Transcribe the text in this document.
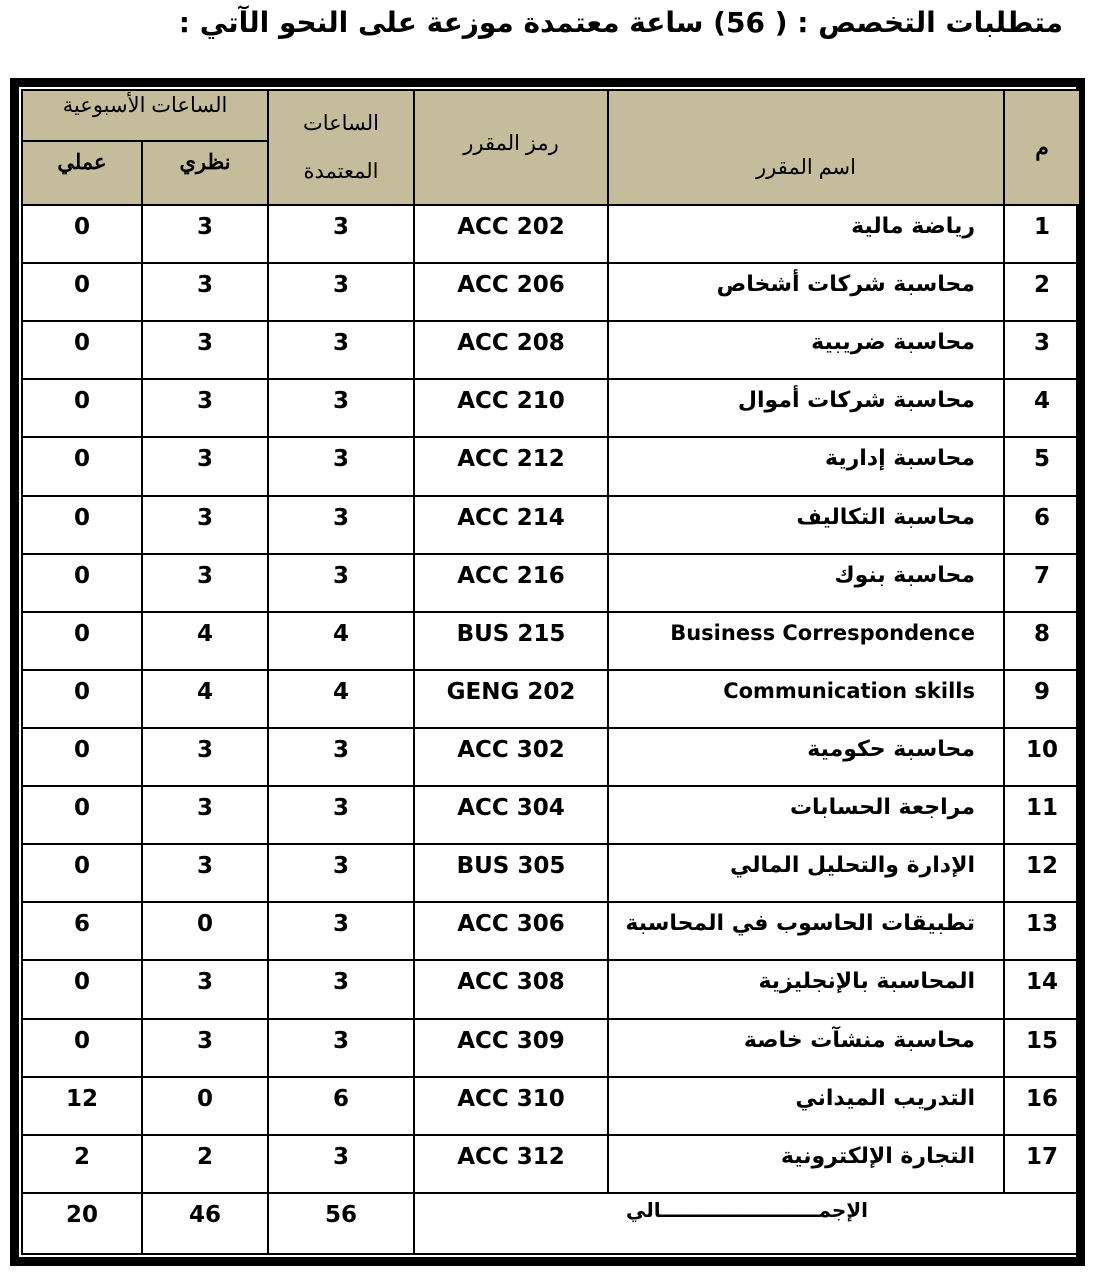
متطلبات التخصص : ( 56) ساعة معتمدة موزعة على النحو الآتي :
م	اسم المقرر	رمز المقرر	الساعات المعتمدة	الساعات الأسبوعية	
				نظري	عملي
1	رياضة مالية	ACC 202	3	3	0
2	محاسبة شركات أشخاص	ACC 206	3	3	0
3	محاسبة ضريبية	ACC 208	3	3	0
4	محاسبة شركات أموال	ACC 210	3	3	0
5	محاسبة إدارية	ACC 212	3	3	0
6	محاسبة التكاليف	ACC 214	3	3	0
7	محاسبة بنوك	ACC 216	3	3	0
8	Business Correspondence	BUS 215	4	4	0
9	Communication skills	GENG 202	4	4	0
10	محاسبة حكومية	ACC 302	3	3	0
11	مراجعة الحسابات	ACC 304	3	3	0
12	الإدارة والتحليل المالي	BUS 305	3	3	0
13	تطبيقات الحاسوب في المحاسبة	ACC 306	3	0	6
14	المحاسبة بالإنجليزية	ACC 308	3	3	0
15	محاسبة منشآت خاصة	ACC 309	3	3	0
16	التدريب الميداني	ACC 310	6	0	12
17	التجارة الإلكترونية	ACC 312	3	2	2
الإجمـــــــــــــــــــــــالي			56	46	20
